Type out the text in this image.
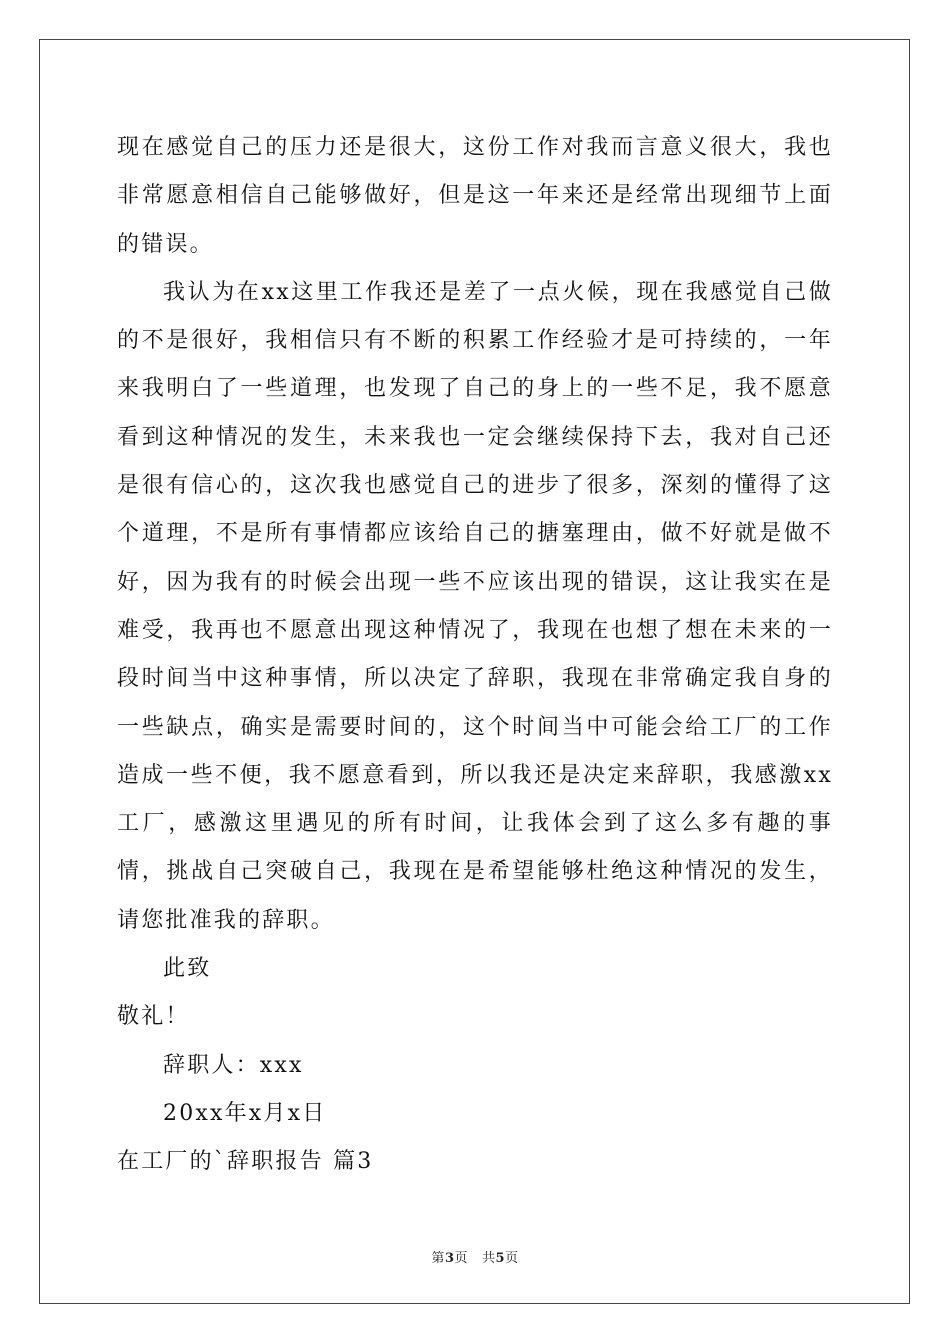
现在感觉自己的压力还是很大，这份工作对我而言意义很大，我也非常愿意相信自己能够做好，但是这一年来还是经常出现细节上面的错误。

我认为在xx这里工作我还是差了一点火候，现在我感觉自己做的不是很好，我相信只有不断的积累工作经验才是可持续的，一年来我明白了一些道理，也发现了自己的身上的一些不足，我不愿意看到这种情况的发生，未来我也一定会继续保持下去，我对自己还是很有信心的，这次我也感觉自己的进步了很多，深刻的懂得了这个道理，不是所有事情都应该给自己的搪塞理由，做不好就是做不好，因为我有的时候会出现一些不应该出现的错误，这让我实在是难受，我再也不愿意出现这种情况了，我现在也想了想在未来的一段时间当中这种事情，所以决定了辞职，我现在非常确定我自身的一些缺点，确实是需要时间的，这个时间当中可能会给工厂的工作造成一些不便，我不愿意看到，所以我还是决定来辞职，我感激xx工厂，感激这里遇见的所有时间，让我体会到了这么多有趣的事情，挑战自己突破自己，我现在是希望能够杜绝这种情况的发生，请您批准我的辞职。

此致

敬礼！

辞职人：xxx

20xx年x月x日

在工厂的`辞职报告 篇3

第3页 共5页
